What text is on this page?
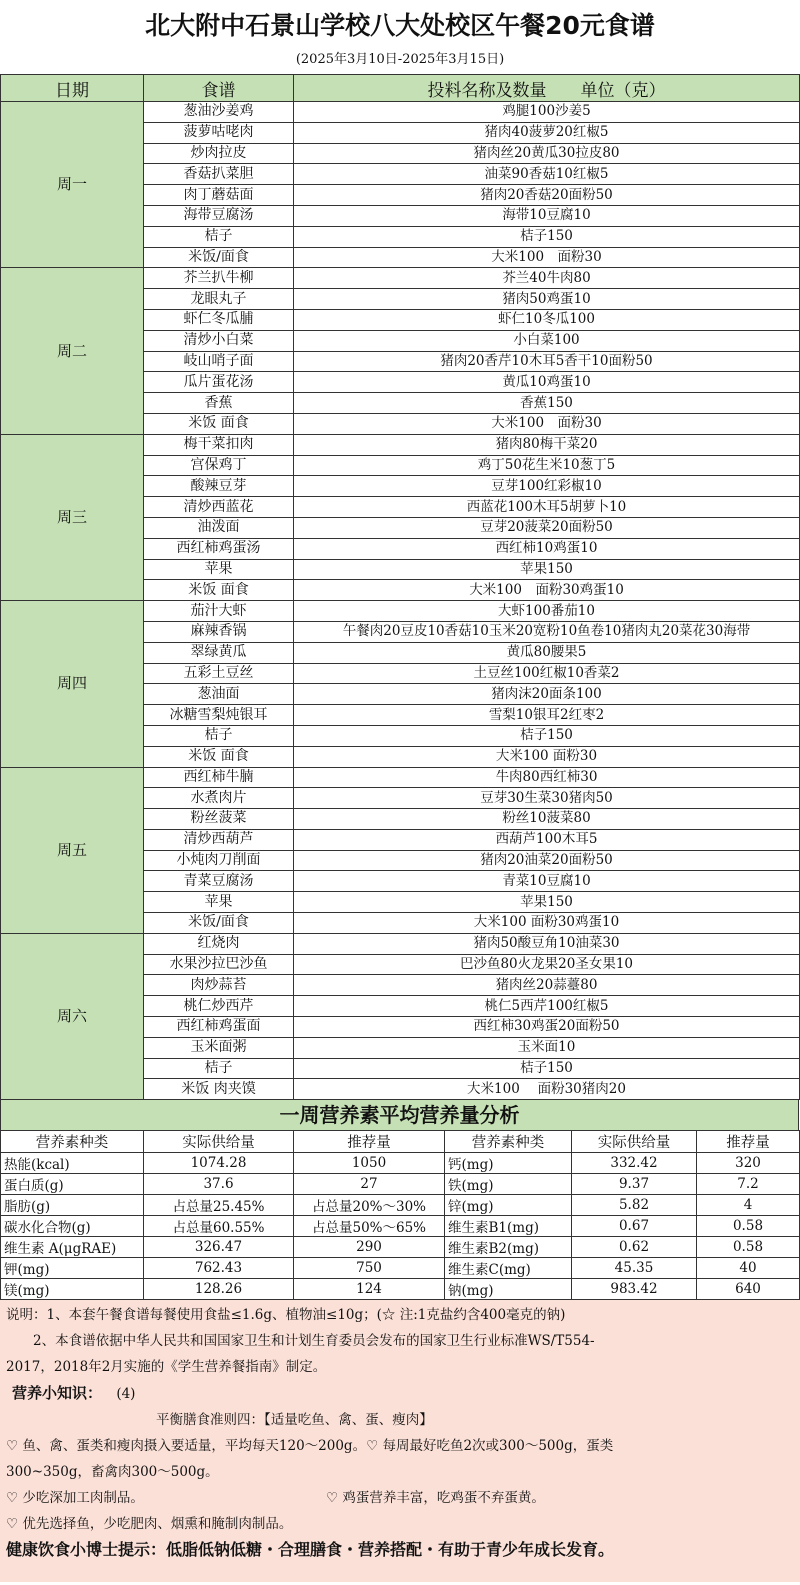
北大附中石景山学校八大处校区午餐20元食谱
(2025年3月10日-2025年3月15日)
日期	食谱	投料名称及数量　　单位（克）
周一	葱油沙姜鸡	鸡腿100沙姜5
	菠萝咕咾肉	猪肉40菠萝20红椒5
	炒肉拉皮	猪肉丝20黄瓜30拉皮80
	香菇扒菜胆	油菜90香菇10红椒5
	肉丁蘑菇面	猪肉20香菇20面粉50
	海带豆腐汤	海带10豆腐10
	桔子	桔子150
	米饭/面食	大米100　面粉30
周二	芥兰扒牛柳	芥兰40牛肉80
	龙眼丸子	猪肉50鸡蛋10
	虾仁冬瓜脯	虾仁10冬瓜100
	清炒小白菜	小白菜100
	岐山哨子面	猪肉20香芹10木耳5香干10面粉50
	瓜片蛋花汤	黄瓜10鸡蛋10
	香蕉	香蕉150
	米饭 面食	大米100　面粉30
周三	梅干菜扣肉	猪肉80梅干菜20
	宫保鸡丁	鸡丁50花生米10葱丁5
	酸辣豆芽	豆芽100红彩椒10
	清炒西蓝花	西蓝花100木耳5胡萝卜10
	油泼面	豆芽20菠菜20面粉50
	西红柿鸡蛋汤	西红柿10鸡蛋10
	苹果	苹果150
	米饭 面食	大米100　面粉30鸡蛋10
周四	茄汁大虾	大虾100番茄10
	麻辣香锅	午餐肉20豆皮10香菇10玉米20宽粉10鱼卷10猪肉丸20菜花30海带
	翠绿黄瓜	黄瓜80腰果5
	五彩土豆丝	土豆丝100红椒10香菜2
	葱油面	猪肉沫20面条100
	冰糖雪梨炖银耳	雪梨10银耳2红枣2
	桔子	桔子150
	米饭 面食	大米100 面粉30
周五	西红柿牛腩	牛肉80西红柿30
	水煮肉片	豆芽30生菜30猪肉50
	粉丝菠菜	粉丝10菠菜80
	清炒西葫芦	西葫芦100木耳5
	小炖肉刀削面	猪肉20油菜20面粉50
	青菜豆腐汤	青菜10豆腐10
	苹果	苹果150
	米饭/面食	大米100 面粉30鸡蛋10
周六	红烧肉	猪肉50酸豆角10油菜30
	水果沙拉巴沙鱼	巴沙鱼80火龙果20圣女果10
	肉炒蒜苔	猪肉丝20蒜薹80
	桃仁炒西芹	桃仁5西芹100红椒5
	西红柿鸡蛋面	西红柿30鸡蛋20面粉50
	玉米面粥	玉米面10
	桔子	桔子150
	米饭 肉夹馍	大米100　 面粉30猪肉20
一周营养素平均营养量分析
营养素种类	实际供给量	推荐量	营养素种类	实际供给量	推荐量
热能(kcal)	1074.28	1050	钙(mg)	332.42	320
蛋白质(g)	37.6	27	铁(mg)	9.37	7.2
脂肪(g)	占总量25.45%	占总量20%～30%	锌(mg)	5.82	4
碳水化合物(g)	占总量60.55%	占总量50%～65%	维生素B1(mg)	0.67	0.58
维生素 A(μgRAE)	326.47	290	维生素B2(mg)	0.62	0.58
钾(mg)	762.43	750	维生素C(mg)	45.35	40
镁(mg)	128.26	124	钠(mg)	983.42	640

说明：1、本套午餐食谱每餐使用食盐≤1.6g、植物油≤10g；(☆ 注:1克盐约含400毫克的钠)

　　2、本食谱依据中华人民共和国国家卫生和计划生育委员会发布的国家卫生行业标准WS/T554-

2017，2018年2月实施的《学生营养餐指南》制定。

营养小知识： (4)

平衡膳食准则四：【适量吃鱼、禽、蛋、瘦肉】

♡ 鱼、禽、蛋类和瘦肉摄入要适量，平均每天120～200g。♡ 每周最好吃鱼2次或300～500g，蛋类

300~350g，畜禽肉300～500g。

♡ 少吃深加工肉制品。	♡ 鸡蛋营养丰富，吃鸡蛋不弃蛋黄。

♡ 优先选择鱼，少吃肥肉、烟熏和腌制肉制品。

健康饮食小博士提示：低脂低钠低糖・合理膳食・营养搭配・有助于青少年成长发育。
